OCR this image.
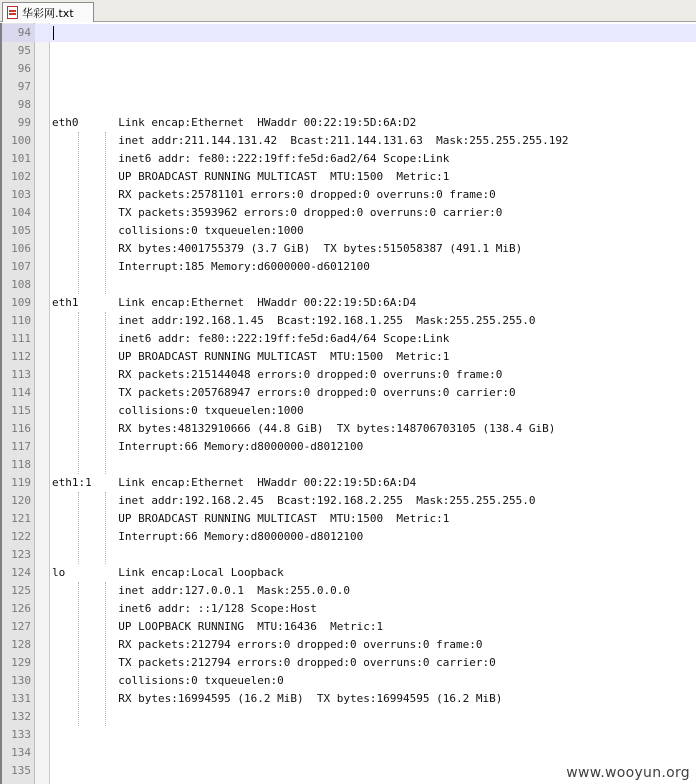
华彩网.txt
94
95
96
97
98
99	eth0      Link encap:Ethernet  HWaddr 00:22:19:5D:6A:D2
100	inet addr:211.144.131.42  Bcast:211.144.131.63  Mask:255.255.255.192
101	inet6 addr: fe80::222:19ff:fe5d:6ad2/64 Scope:Link
102	UP BROADCAST RUNNING MULTICAST  MTU:1500  Metric:1
103	RX packets:25781101 errors:0 dropped:0 overruns:0 frame:0
104	TX packets:3593962 errors:0 dropped:0 overruns:0 carrier:0
105	collisions:0 txqueuelen:1000
106	RX bytes:4001755379 (3.7 GiB)  TX bytes:515058387 (491.1 MiB)
107	Interrupt:185 Memory:d6000000-d6012100
108
109	eth1      Link encap:Ethernet  HWaddr 00:22:19:5D:6A:D4
110	inet addr:192.168.1.45  Bcast:192.168.1.255  Mask:255.255.255.0
111	inet6 addr: fe80::222:19ff:fe5d:6ad4/64 Scope:Link
112	UP BROADCAST RUNNING MULTICAST  MTU:1500  Metric:1
113	RX packets:215144048 errors:0 dropped:0 overruns:0 frame:0
114	TX packets:205768947 errors:0 dropped:0 overruns:0 carrier:0
115	collisions:0 txqueuelen:1000
116	RX bytes:48132910666 (44.8 GiB)  TX bytes:148706703105 (138.4 GiB)
117	Interrupt:66 Memory:d8000000-d8012100
118
119	eth1:1    Link encap:Ethernet  HWaddr 00:22:19:5D:6A:D4
120	inet addr:192.168.2.45  Bcast:192.168.2.255  Mask:255.255.255.0
121	UP BROADCAST RUNNING MULTICAST  MTU:1500  Metric:1
122	Interrupt:66 Memory:d8000000-d8012100
123
124	lo        Link encap:Local Loopback
125	inet addr:127.0.0.1  Mask:255.0.0.0
126	inet6 addr: ::1/128 Scope:Host
127	UP LOOPBACK RUNNING  MTU:16436  Metric:1
128	RX packets:212794 errors:0 dropped:0 overruns:0 frame:0
129	TX packets:212794 errors:0 dropped:0 overruns:0 carrier:0
130	collisions:0 txqueuelen:0
131	RX bytes:16994595 (16.2 MiB)  TX bytes:16994595 (16.2 MiB)
132
133
134
135	www.wooyun.org
